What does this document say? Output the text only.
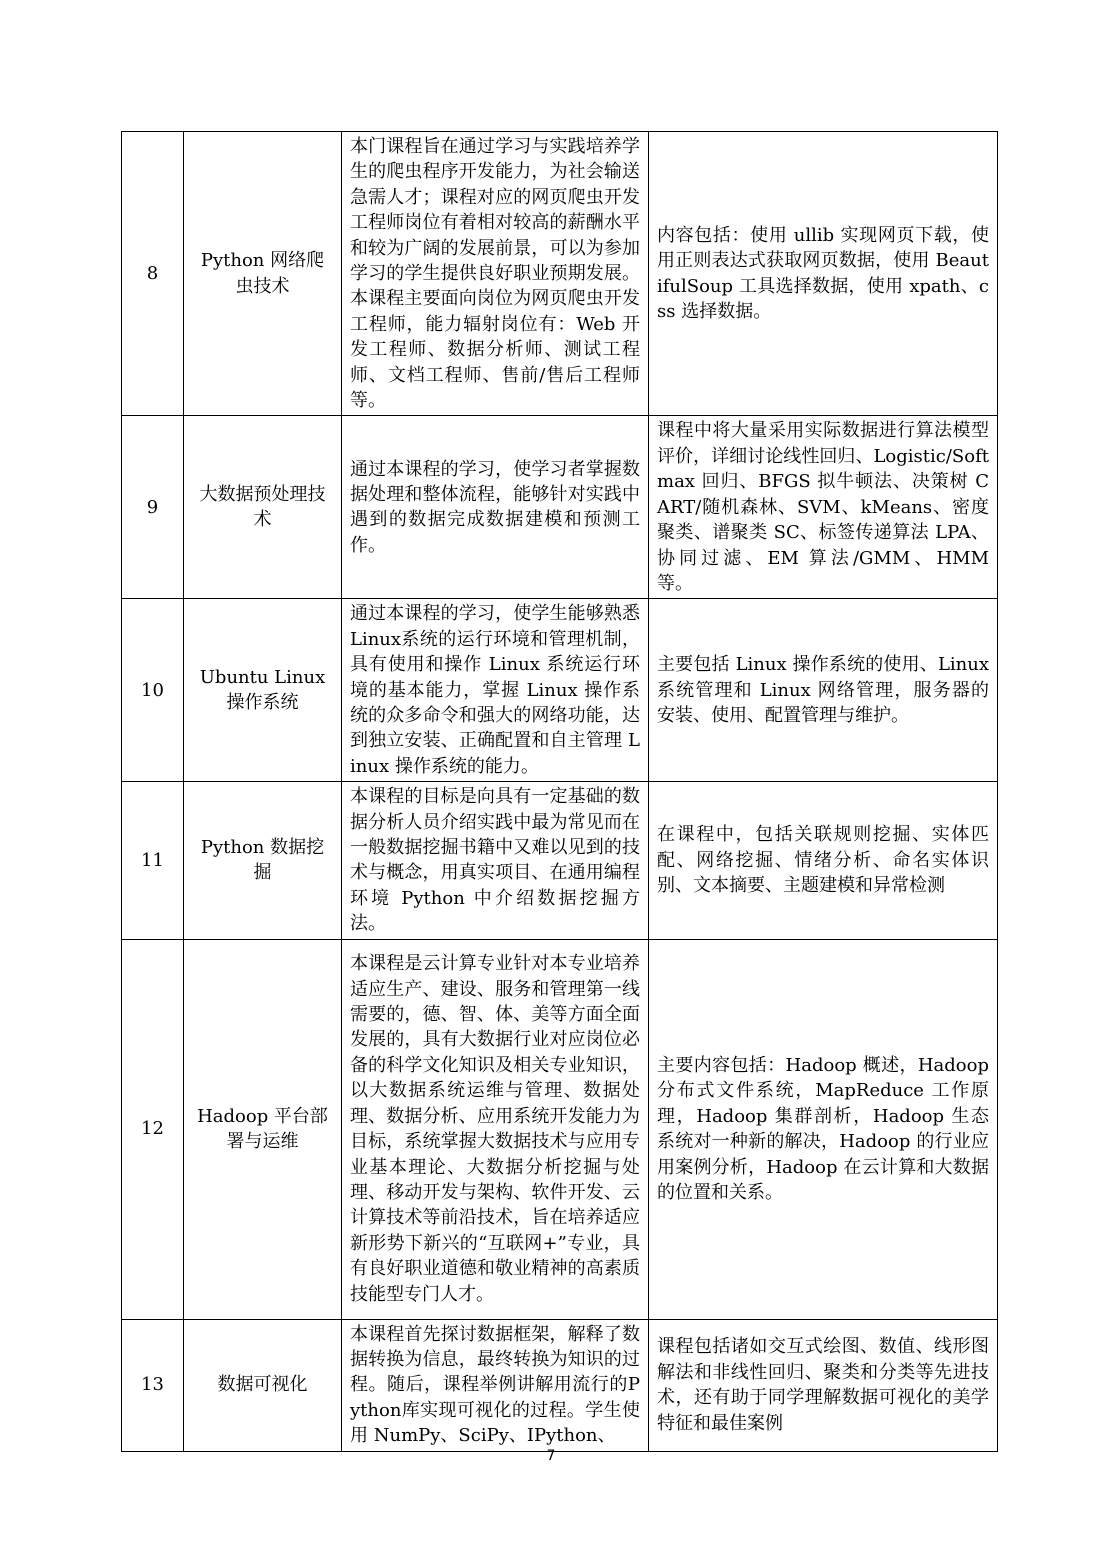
8	Python 网络爬虫技术	本门课程旨在通过学习与实践培养学生的爬虫程序开发能力，为社会输送急需人才；课程对应的网页爬虫开发工程师岗位有着相对较高的薪酬水平和较为广阔的发展前景，可以为参加学习的学生提供良好职业预期发展。本课程主要面向岗位为网页爬虫开发工程师，能力辐射岗位有：Web 开发工程师、数据分析师、测试工程师、文档工程师、售前/售后工程师等。	内容包括：使用 ullib 实现网页下载，使用正则表达式获取网页数据，使用 BeautifulSoup 工具选择数据，使用 xpath、css 选择数据。
9	大数据预处理技术	通过本课程的学习，使学习者掌握数据处理和整体流程，能够针对实践中遇到的数据完成数据建模和预测工作。	课程中将大量采用实际数据进行算法模型评价，详细讨论线性回归、Logistic/Softmax 回归、BFGS 拟牛顿法、决策树 CART/随机森林、SVM、kMeans、密度聚类、谱聚类 SC、标签传递算法 LPA、协同过滤、EM 算法/GMM、HMM 等。
10	Ubuntu Linux 操作系统	通过本课程的学习，使学生能够熟悉Linux系统的运行环境和管理机制，具有使用和操作 Linux 系统运行环境的基本能力，掌握 Linux 操作系统的众多命令和强大的网络功能，达到独立安装、正确配置和自主管理 Linux 操作系统的能力。	主要包括 Linux 操作系统的使用、Linux 系统管理和 Linux 网络管理，服务器的安装、使用、配置管理与维护。
11	Python 数据挖掘	本课程的目标是向具有一定基础的数据分析人员介绍实践中最为常见而在一般数据挖掘书籍中又难以见到的技术与概念，用真实项目、在通用编程环境 Python 中介绍数据挖掘方法。	在课程中，包括关联规则挖掘、实体匹配、网络挖掘、情绪分析、命名实体识别、文本摘要、主题建模和异常检测
12	Hadoop 平台部署与运维	本课程是云计算专业针对本专业培养适应生产、建设、服务和管理第一线需要的，德、智、体、美等方面全面发展的，具有大数据行业对应岗位必备的科学文化知识及相关专业知识，以大数据系统运维与管理、数据处理、数据分析、应用系统开发能力为目标，系统掌握大数据技术与应用专业基本理论、大数据分析挖掘与处理、移动开发与架构、软件开发、云计算技术等前沿技术，旨在培养适应新形势下新兴的“互联网+”专业，具有良好职业道德和敬业精神的高素质技能型专门人才。	主要内容包括：Hadoop 概述，Hadoop 分布式文件系统，MapReduce 工作原理，Hadoop 集群剖析，Hadoop 生态系统对一种新的解决，Hadoop 的行业应用案例分析，Hadoop 在云计算和大数据的位置和关系。
13	数据可视化	本课程首先探讨数据框架，解释了数据转换为信息，最终转换为知识的过程。随后，课程举例讲解用流行的Python库实现可视化的过程。学生使用 NumPy、SciPy、IPython、	课程包括诸如交互式绘图、数值、线形图解法和非线性回归、聚类和分类等先进技术，还有助于同学理解数据可视化的美学特征和最佳案例
7
